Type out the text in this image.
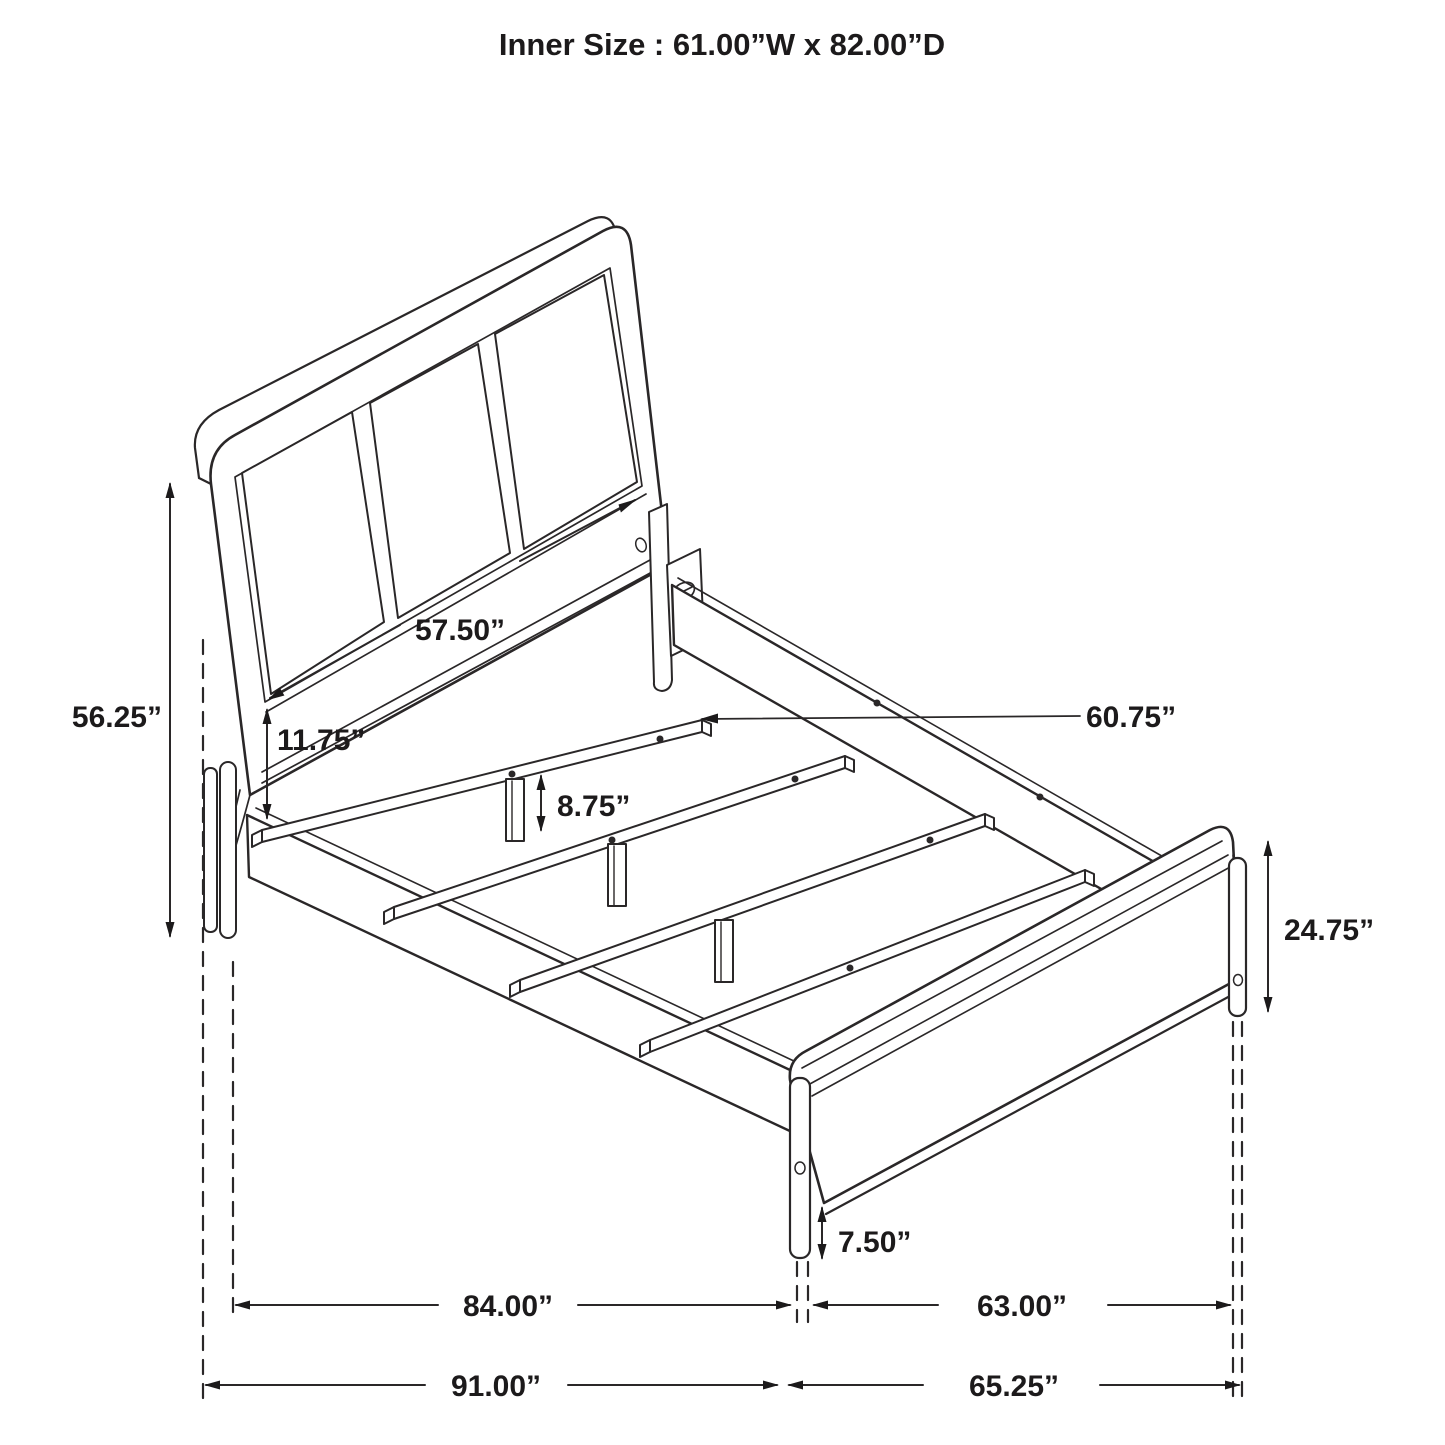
Inner Size : 61.00”W x 82.00”D
56.25”
11.75”
57.50”
8.75”
60.75”
24.75”
7.50”
84.00”	63.00”
91.00”	65.25”
